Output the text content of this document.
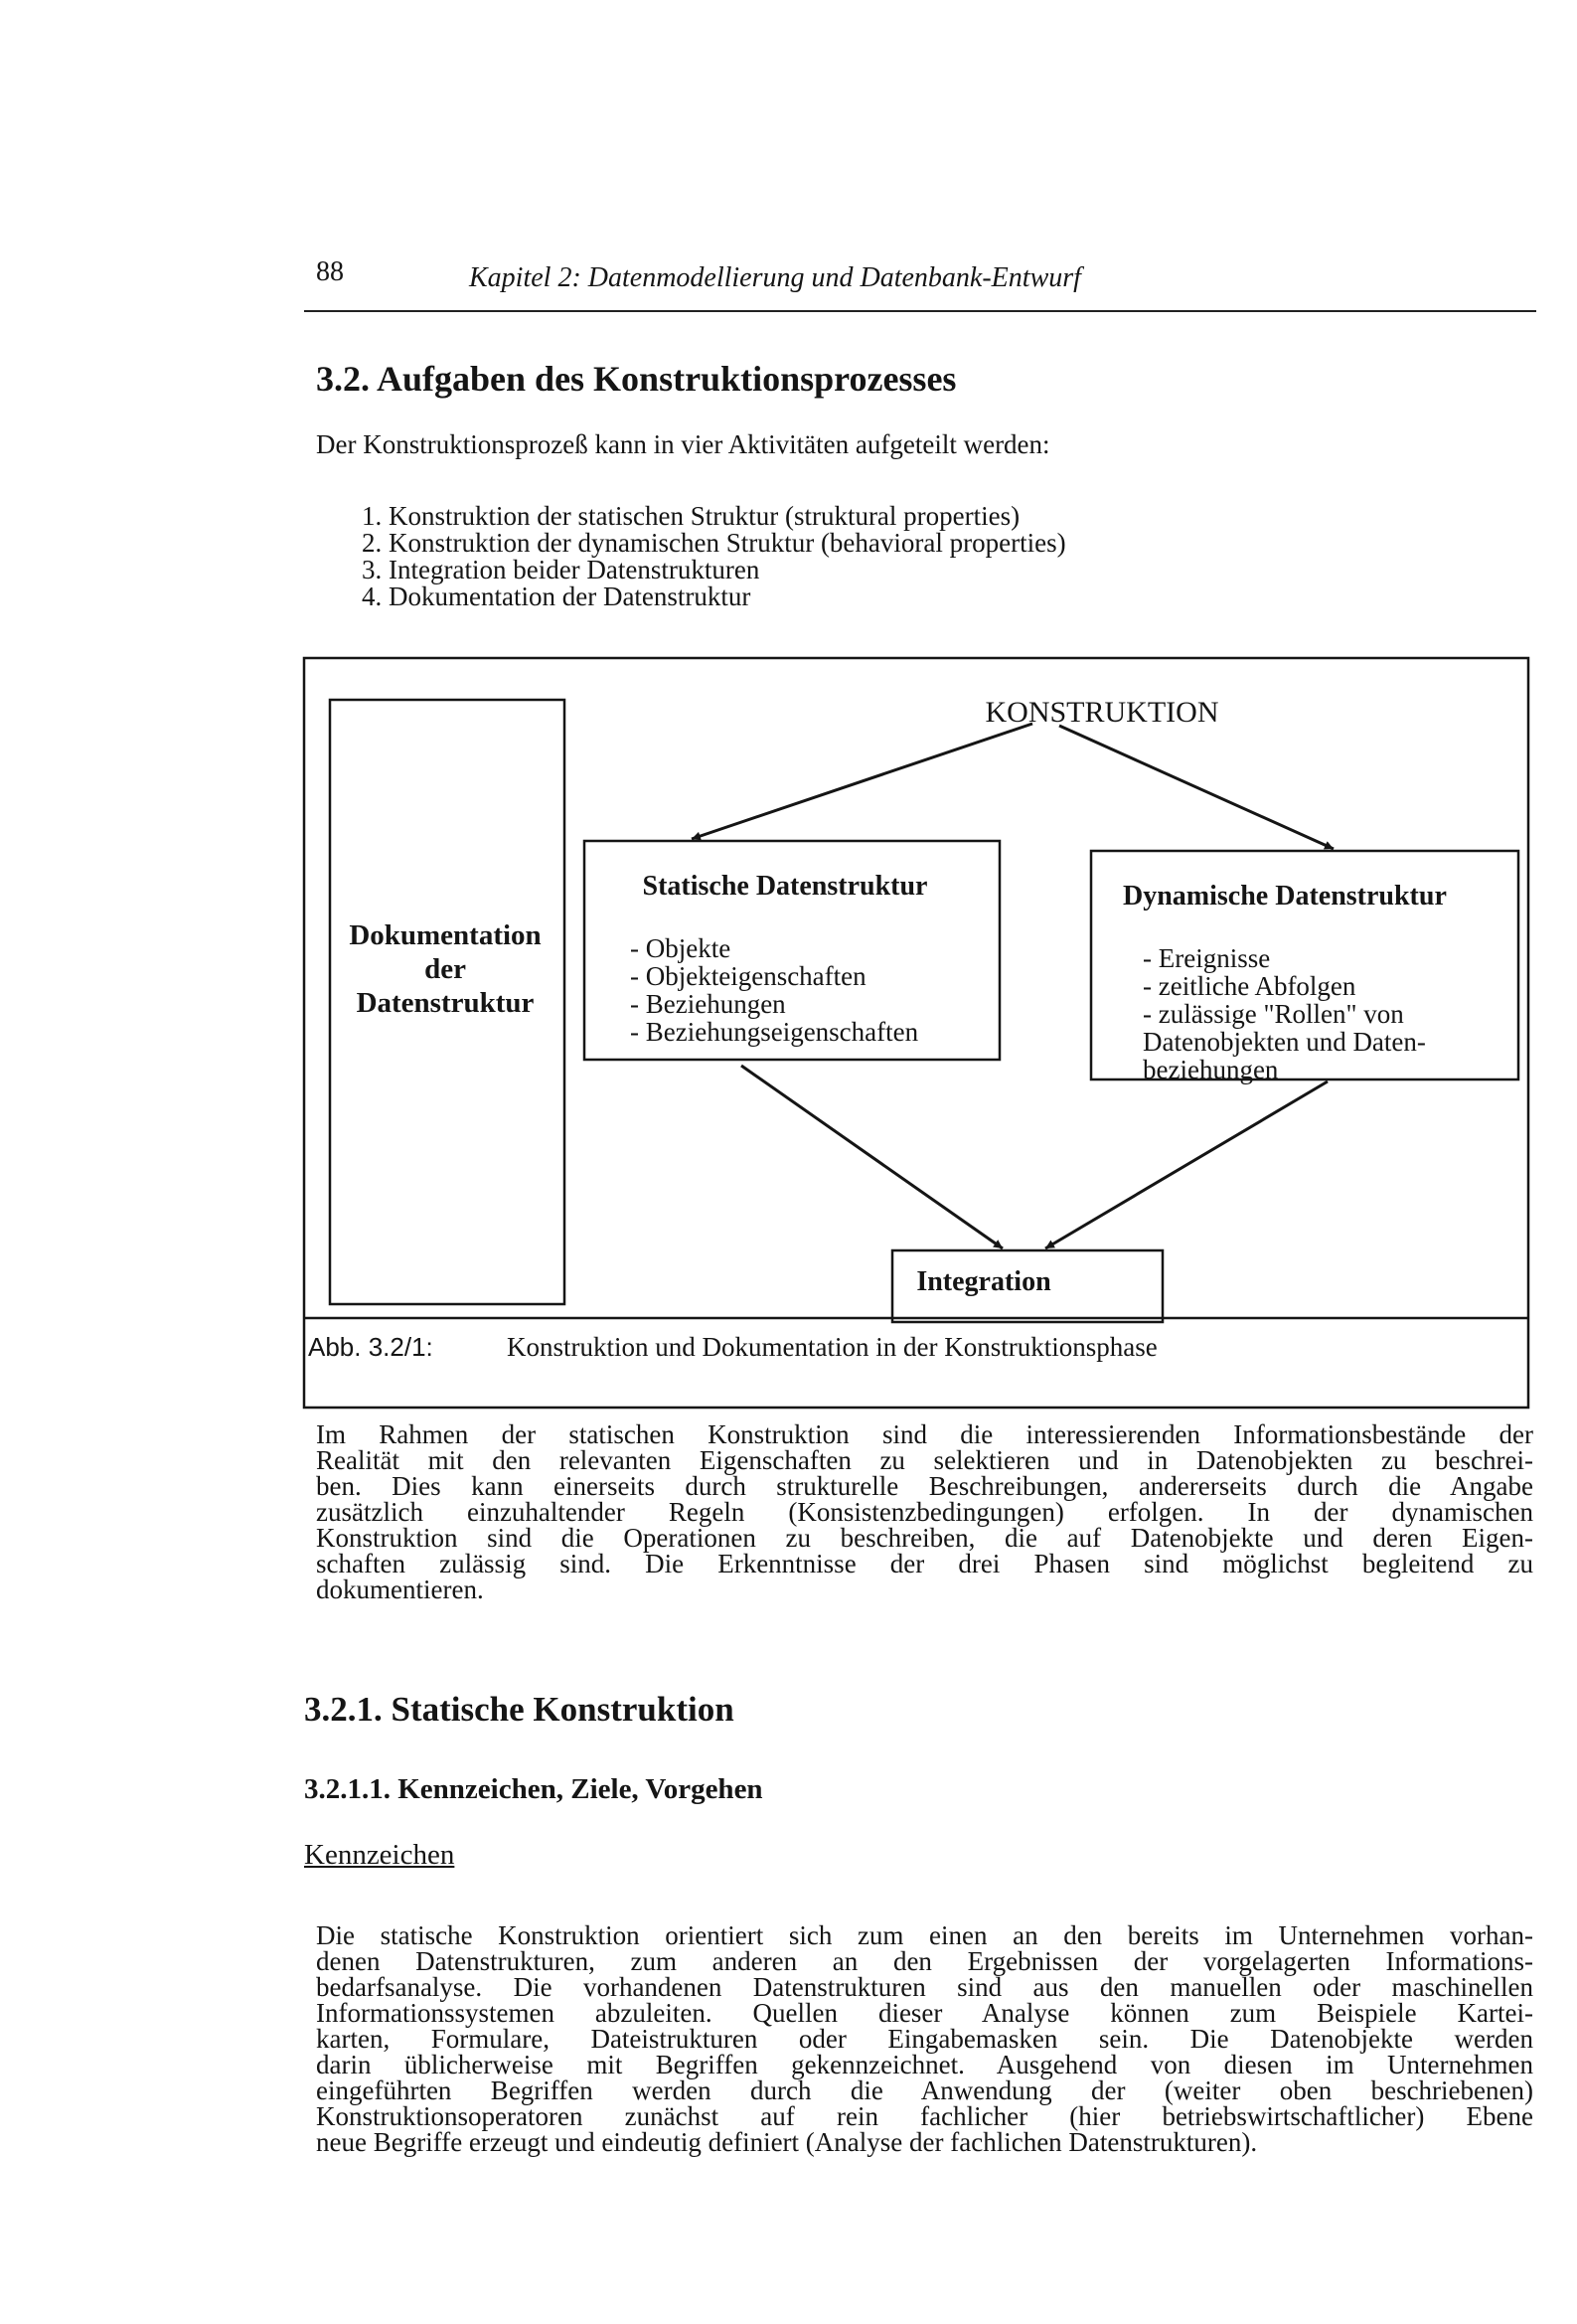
88	Kapitel 2: Datenmodellierung und Datenbank-Entwurf
3.2. Aufgaben des Konstruktionsprozesses
Der Konstruktionsprozeß kann in vier Aktivitäten aufgeteilt werden:
1. Konstruktion der statischen Struktur (struktural properties)
2. Konstruktion der dynamischen Struktur (behavioral properties)
3. Integration beider Datenstrukturen
4. Dokumentation der Datenstruktur
KONSTRUKTION
Dokumentation
der
Datenstruktur
Statische Datenstruktur
- Objekte
- Objekteigenschaften
- Beziehungen
- Beziehungseigenschaften
Dynamische Datenstruktur
- Ereignisse
- zeitliche Abfolgen
- zulässige "Rollen" von
Datenobjekten und Daten-
beziehungen
Integration
Abb. 3.2/1:	Konstruktion und Dokumentation in der Konstruktionsphase
Im Rahmen der statischen Konstruktion sind die interessierenden Informationsbestände der
Realität mit den relevanten Eigenschaften zu selektieren und in Datenobjekten zu beschrei-
ben. Dies kann einerseits durch strukturelle Beschreibungen, andererseits durch die Angabe
zusätzlich einzuhaltender Regeln (Konsistenzbedingungen) erfolgen. In der dynamischen
Konstruktion sind die Operationen zu beschreiben, die auf Datenobjekte und deren Eigen-
schaften zulässig sind. Die Erkenntnisse der drei Phasen sind möglichst begleitend zu
dokumentieren.
3.2.1. Statische Konstruktion
3.2.1.1. Kennzeichen, Ziele, Vorgehen
Kennzeichen
Die statische Konstruktion orientiert sich zum einen an den bereits im Unternehmen vorhan-
denen Datenstrukturen, zum anderen an den Ergebnissen der vorgelagerten Informations-
bedarfsanalyse. Die vorhandenen Datenstrukturen sind aus den manuellen oder maschinellen
Informationssystemen abzuleiten. Quellen dieser Analyse können zum Beispiele Kartei-
karten, Formulare, Dateistrukturen oder Eingabemasken sein. Die Datenobjekte werden
darin üblicherweise mit Begriffen gekennzeichnet. Ausgehend von diesen im Unternehmen
eingeführten Begriffen werden durch die Anwendung der (weiter oben beschriebenen)
Konstruktionsoperatoren zunächst auf rein fachlicher (hier betriebswirtschaftlicher) Ebene
neue Begriffe erzeugt und eindeutig definiert (Analyse der fachlichen Datenstrukturen).
